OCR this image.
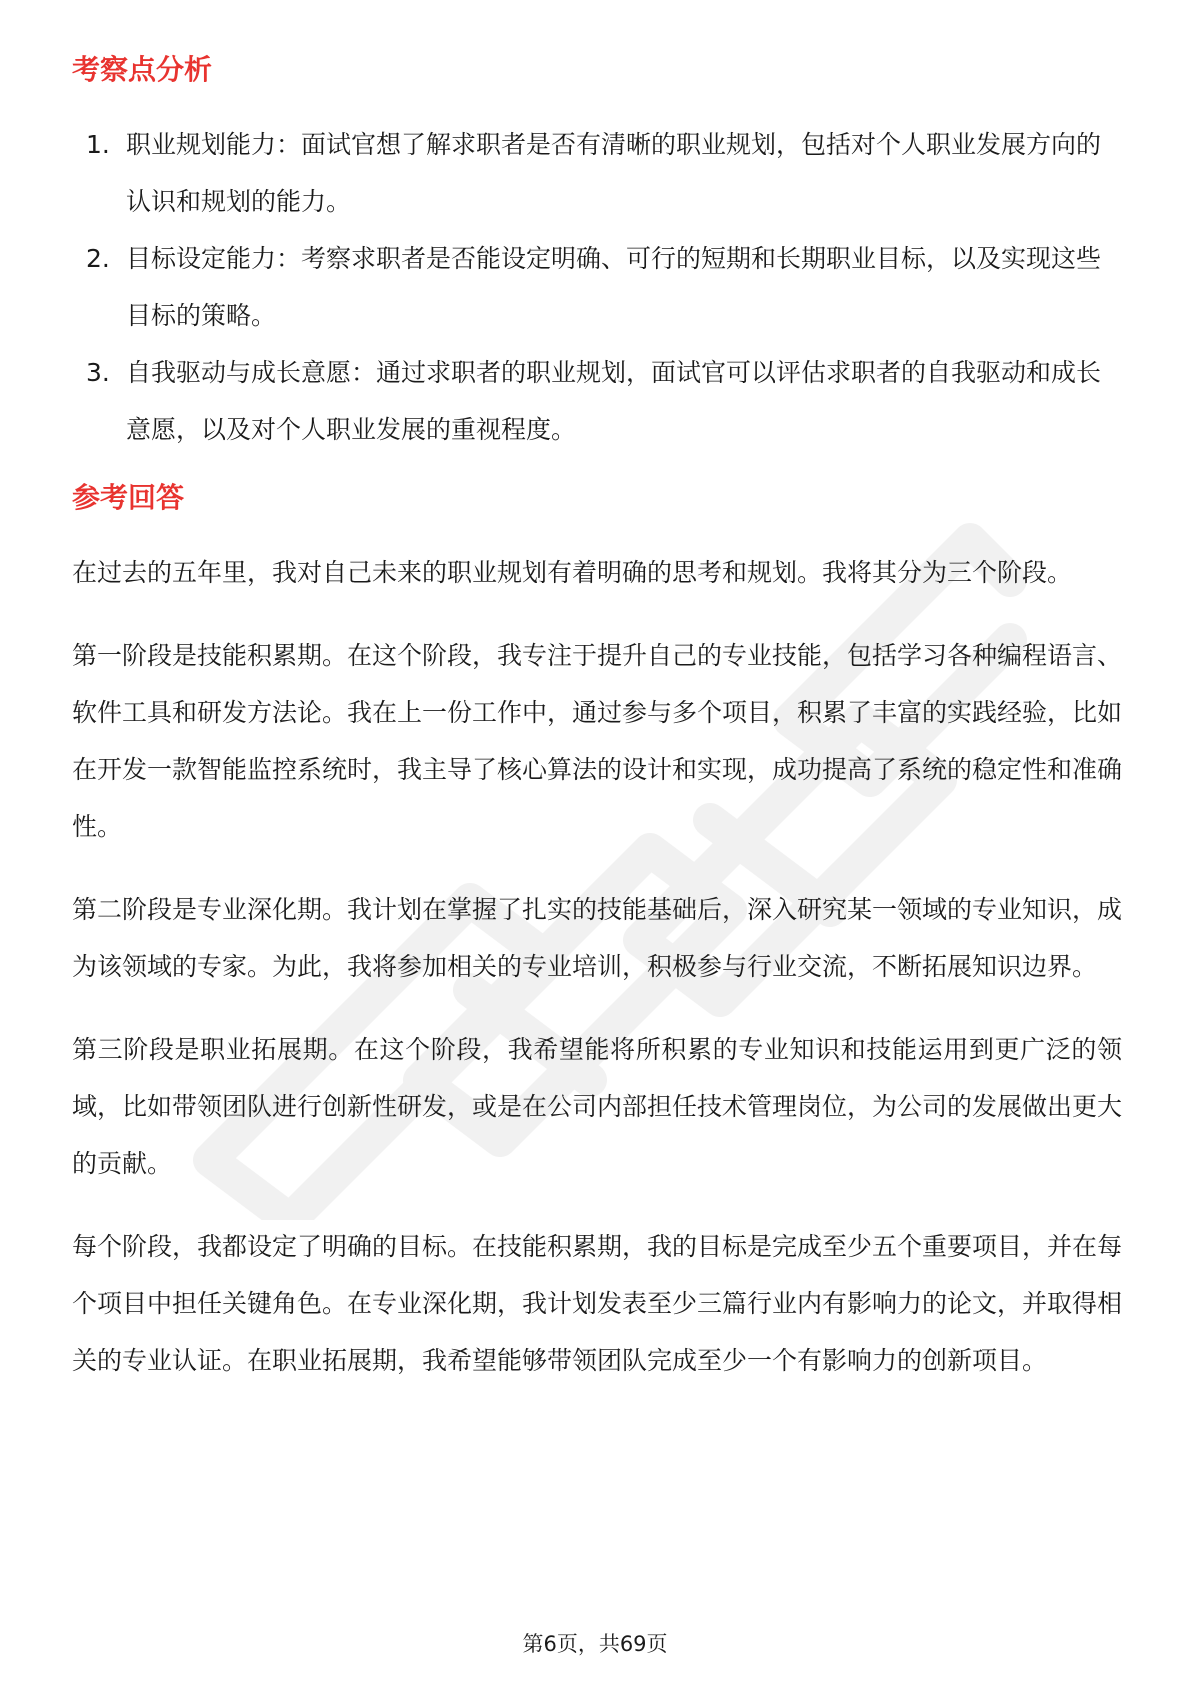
考察点分析
1. 职业规划能力：面试官想了解求职者是否有清晰的职业规划，包括对个人职业发展方向的认识和规划的能力。
2. 目标设定能力：考察求职者是否能设定明确、可行的短期和长期职业目标，以及实现这些目标的策略。
3. 自我驱动与成长意愿：通过求职者的职业规划，面试官可以评估求职者的自我驱动和成长意愿，以及对个人职业发展的重视程度。
参考回答

在过去的五年里，我对自己未来的职业规划有着明确的思考和规划。我将其分为三个阶段。

第一阶段是技能积累期。在这个阶段，我专注于提升自己的专业技能，包括学习各种编程语言、软件工具和研发方法论。我在上一份工作中，通过参与多个项目，积累了丰富的实践经验，比如在开发一款智能监控系统时，我主导了核心算法的设计和实现，成功提高了系统的稳定性和准确性。

第二阶段是专业深化期。我计划在掌握了扎实的技能基础后，深入研究某一领域的专业知识，成为该领域的专家。为此，我将参加相关的专业培训，积极参与行业交流，不断拓展知识边界。

第三阶段是职业拓展期。在这个阶段，我希望能将所积累的专业知识和技能运用到更广泛的领域，比如带领团队进行创新性研发，或是在公司内部担任技术管理岗位，为公司的发展做出更大的贡献。

每个阶段，我都设定了明确的目标。在技能积累期，我的目标是完成至少五个重要项目，并在每个项目中担任关键角色。在专业深化期，我计划发表至少三篇行业内有影响力的论文，并取得相关的专业认证。在职业拓展期，我希望能够带领团队完成至少一个有影响力的创新项目。

第6页，共69页
